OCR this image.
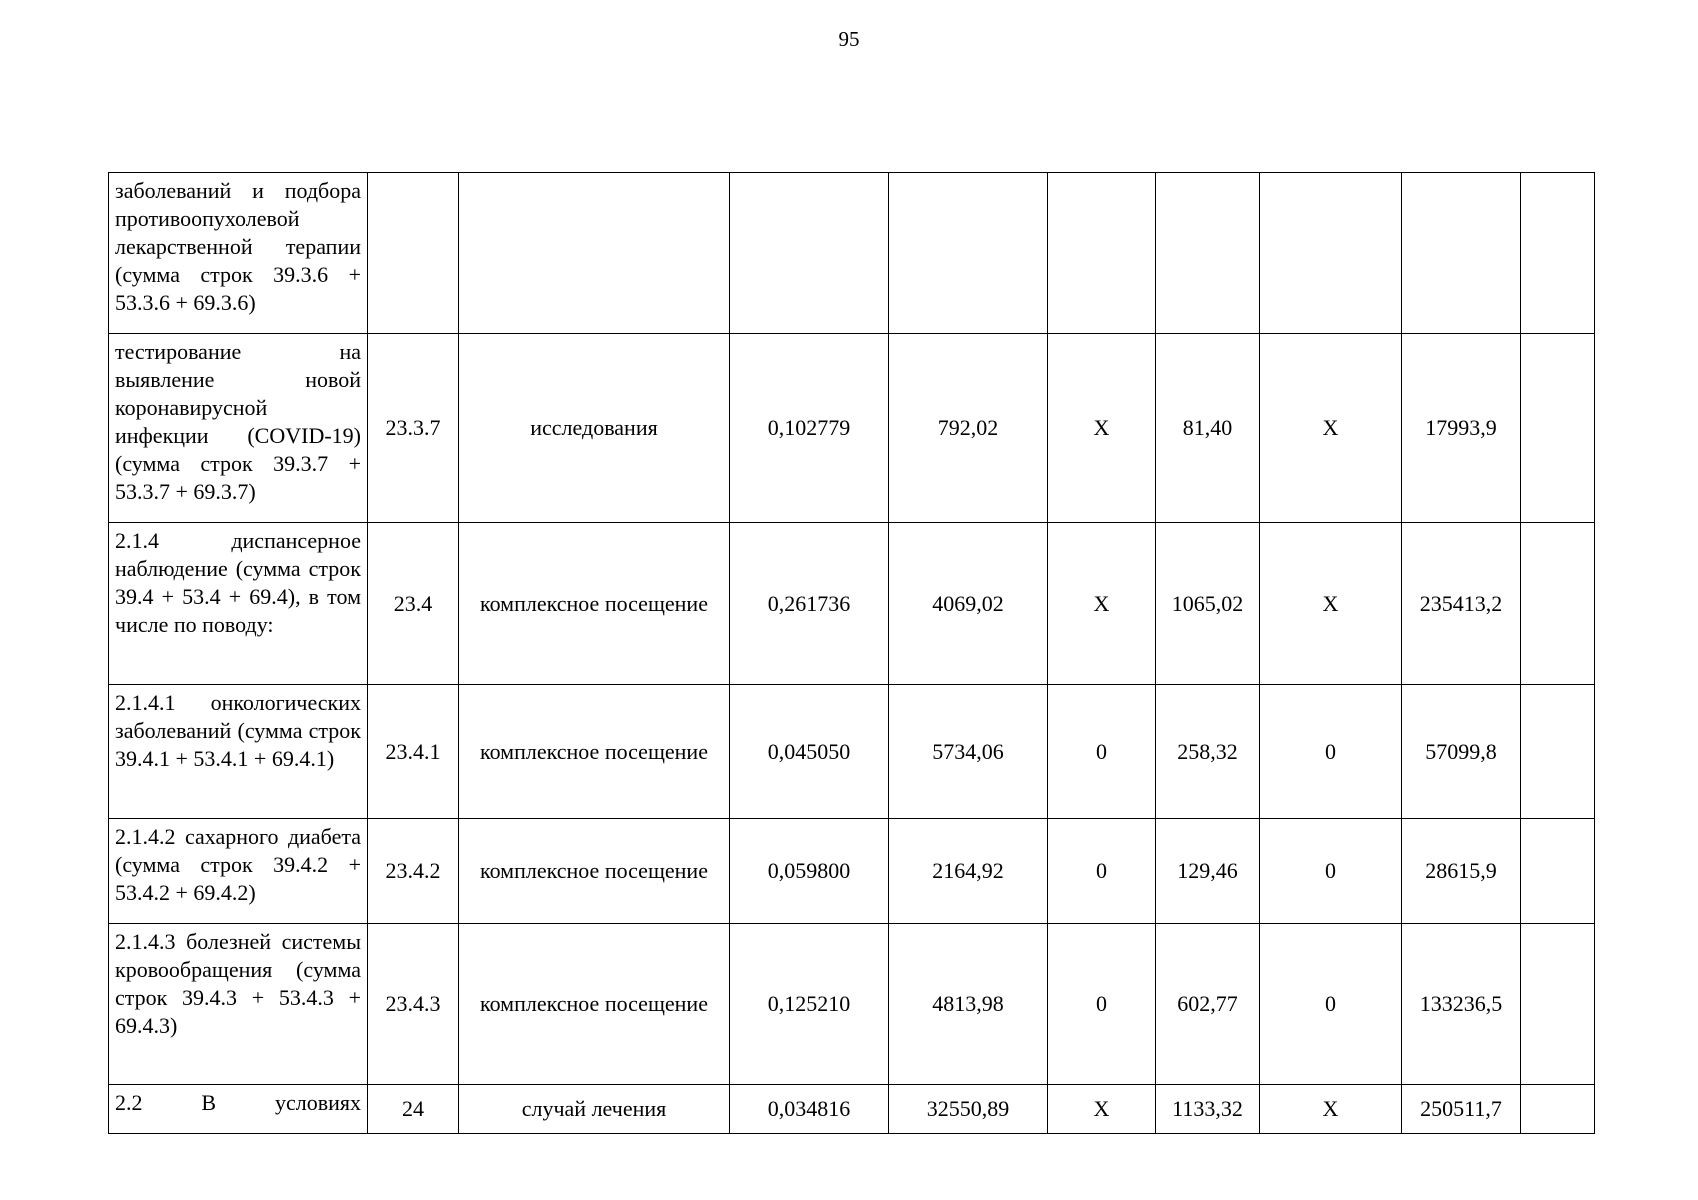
95
заболеваний и подбора противоопухолевой лекарственной терапии (сумма строк 39.3.6 + 53.3.6 + 69.3.6)									

тестирование на выявление новой коронавирусной инфекции (COVID-19) (сумма строк 39.3.7 + 53.3.7 + 69.3.7)	23.3.7	исследования	0,102779	792,02	X	81,40	X	17993,9	

2.1.4 диспансерное наблюдение (сумма строк 39.4 + 53.4 + 69.4), в том числе по поводу:	23.4	комплексное посещение	0,261736	4069,02	X	1065,02	X	235413,2	

2.1.4.1 онкологических заболеваний (сумма строк 39.4.1 + 53.4.1 + 69.4.1)	23.4.1	комплексное посещение	0,045050	5734,06	0	258,32	0	57099,8	

2.1.4.2 сахарного диабета (сумма строк 39.4.2 + 53.4.2 + 69.4.2)	23.4.2	комплексное посещение	0,059800	2164,92	0	129,46	0	28615,9	

2.1.4.3 болезней системы кровообращения (сумма строк 39.4.3 + 53.4.3 + 69.4.3)	23.4.3	комплексное посещение	0,125210	4813,98	0	602,77	0	133236,5	

2.2 В условиях	24	случай лечения	0,034816	32550,89	X	1133,32	X	250511,7	
